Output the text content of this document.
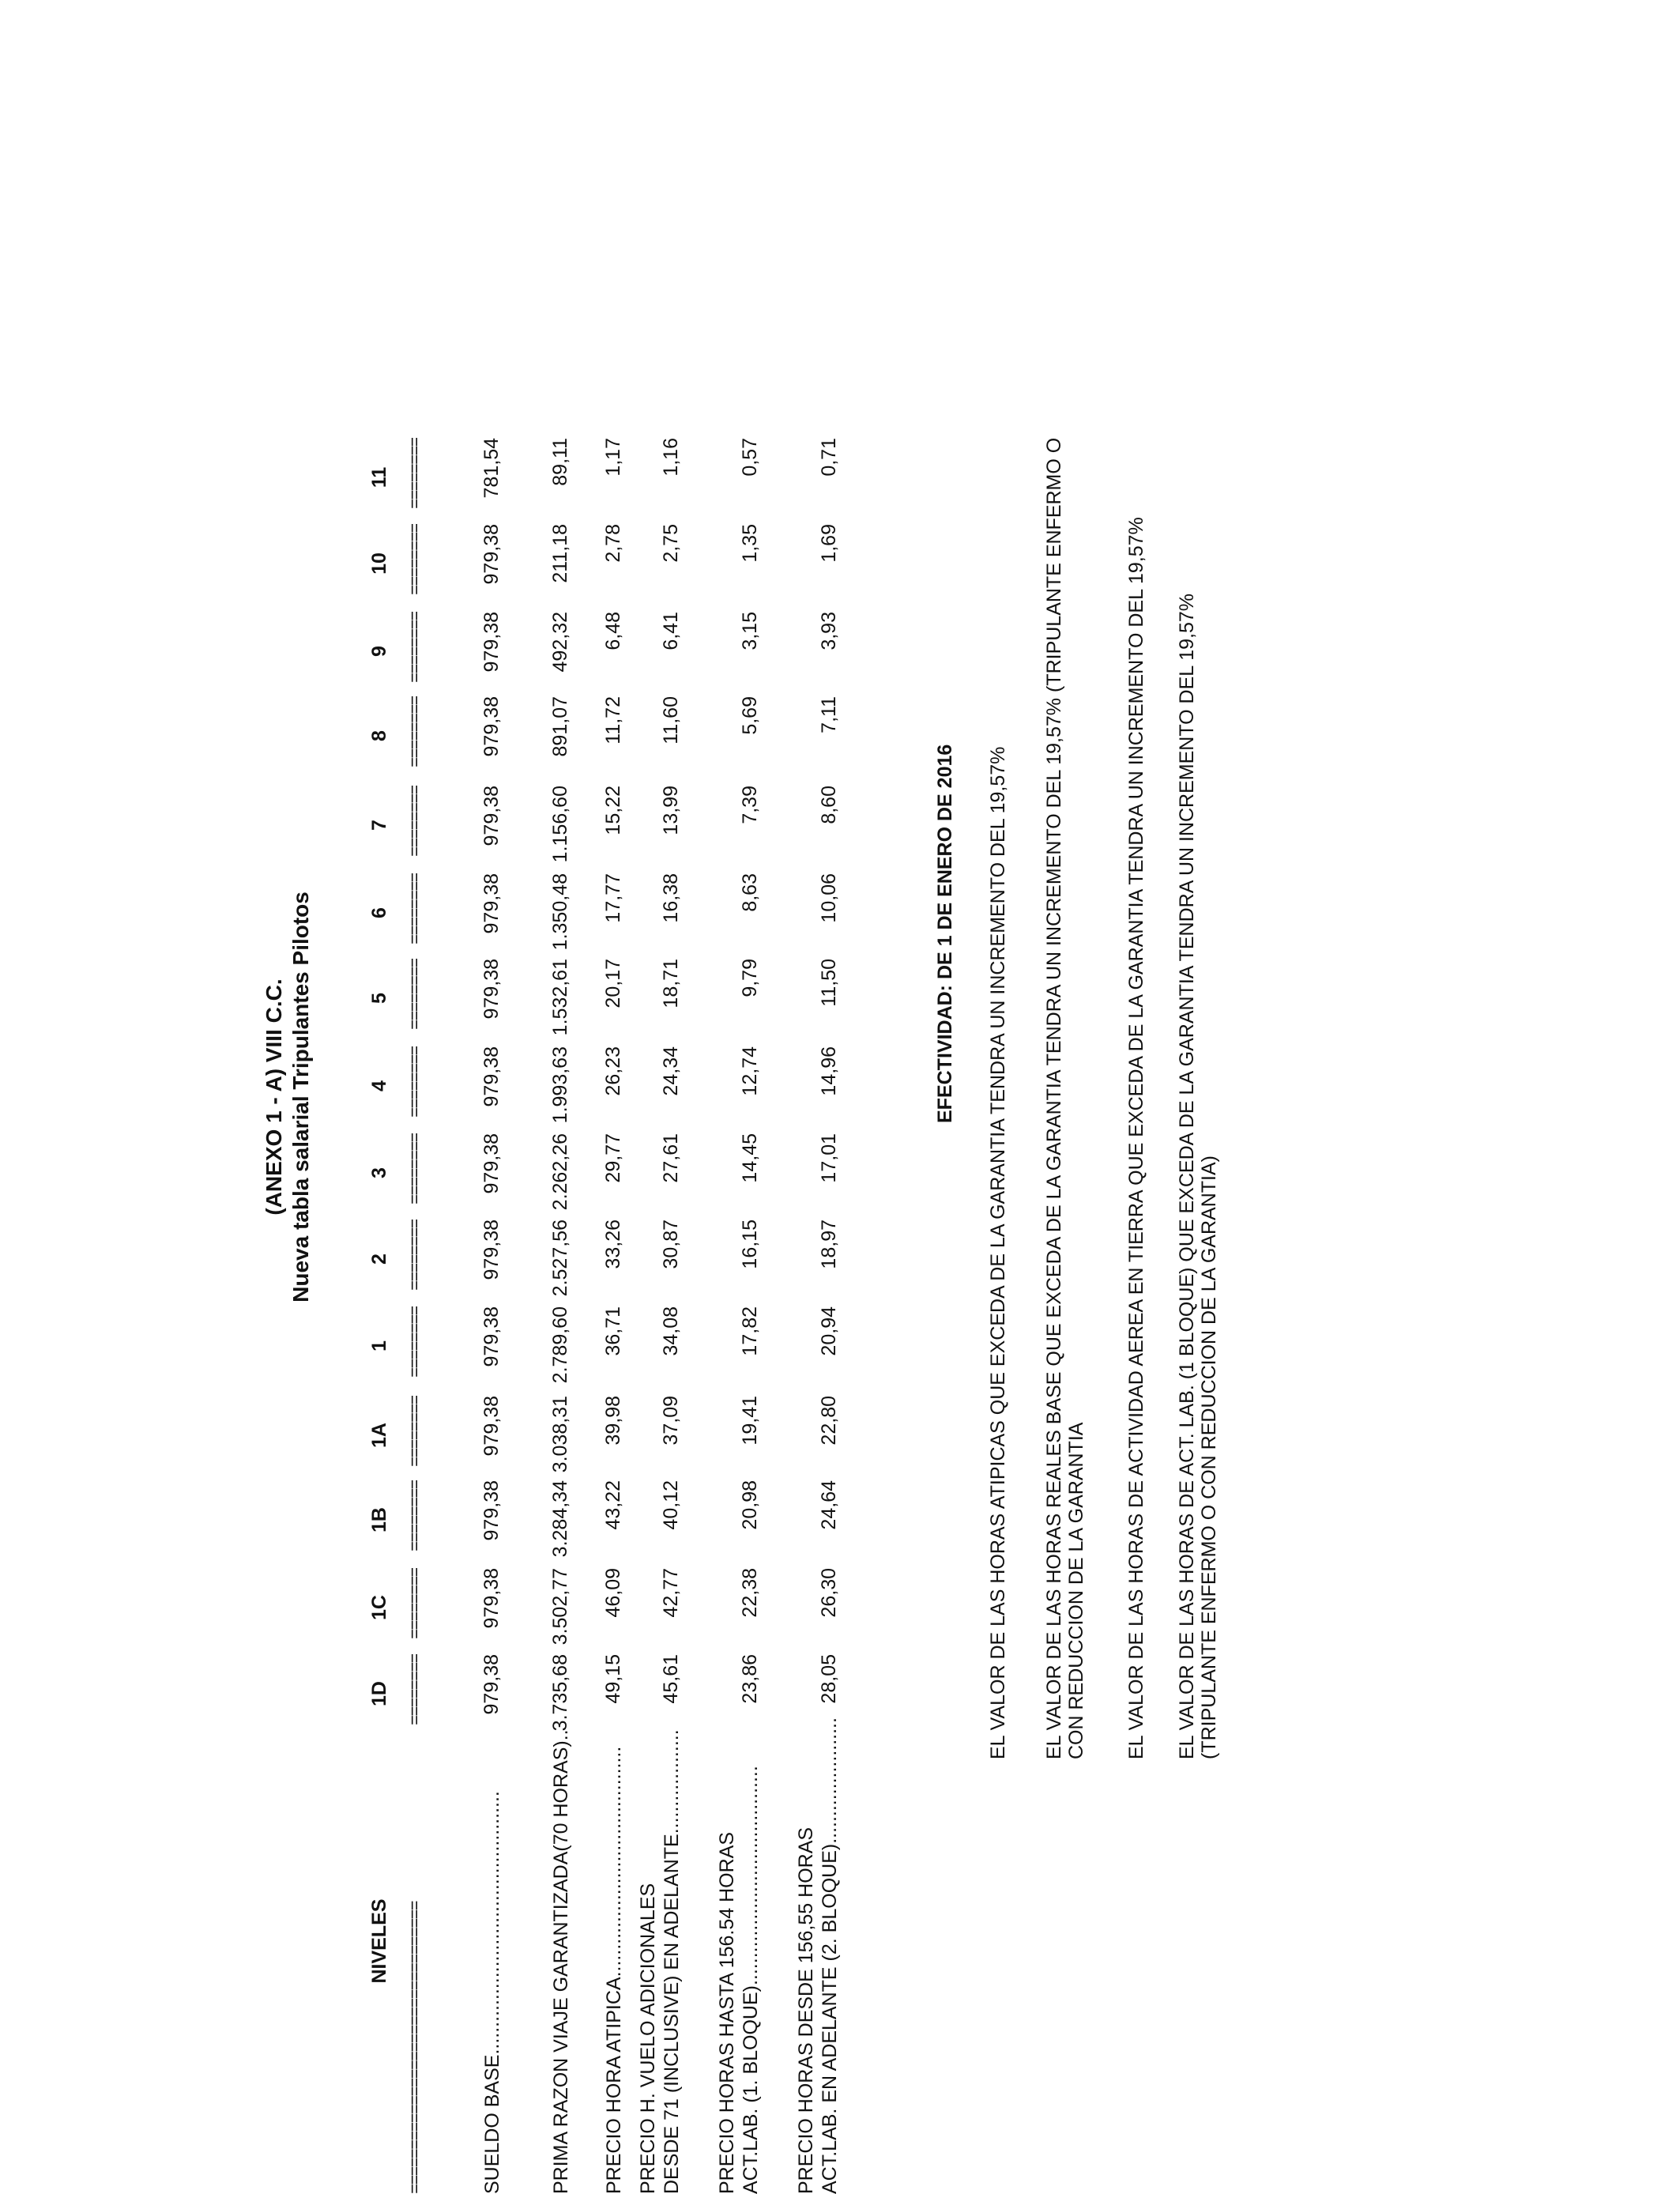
(ANEXO 1 - A) VIII C.C. Nueva tabla salarial Tripulantes Pilotos
NIVELES =================================
1D ========
1C ========
1B ========
1A ========
1 ========
2 ========
3 ========
4 ========
5 ========
6 ========
7 ========
8 ========
9 ========
10 ========
11 ========
SUELDO BASE................................................
979,38
979,38
979,38
979,38
979,38
979,38
979,38
979,38
979,38
979,38
979,38
979,38
979,38
979,38
781,54
PRIMA RAZON VIAJE GARANTIZADA(70 HORAS)..
3.735,68
3.502,77
3.284,34
3.038,31
2.789,60
2.527,56
2.262,26
1.993,63
1.532,61
1.350,48
1.156,60
891,07
492,32
211,18
89,11
PRECIO HORA ATIPICA..........................................
49,15
46,09
43,22
39,98
36,71
33,26
29,77
26,23
20,17
17,77
15,22
11,72
6,48
2,78
1,17
PRECIO H. VUELO ADICIONALES DESDE 71 (INCLUSIVE) EN ADELANTE...................
45,61
42,77
40,12
37,09
34,08
30,87
27,61
24,34
18,71
16,38
13,99
11,60
6,41
2,75
1,16
PRECIO HORAS HASTA 156.54 HORAS ACT.LAB. (1. BLOQUE)........................................
23,86
22,38
20,98
19,41
17,82
16,15
14,45
12,74
9,79
8,63
7,39
5,69
3,15
1,35
0,57
PRECIO HORAS DESDE 156,55 HORAS ACT.LAB. EN ADELANTE (2. BLOQUE).......................
28,05
26,30
24,64
22,80
20,94
18,97
17,01
14,96
11,50
10,06
8,60
7,11
3,93
1,69
0,71
EFECTIVIDAD: DE 1 DE ENERO DE 2016 EL VALOR DE LAS HORAS ATIPICAS QUE EXCEDA DE LA GARANTIA TENDRA UN INCREMENTO DEL 19,57% EL VALOR DE LAS HORAS REALES BASE QUE EXCEDA DE LA GARANTIA TENDRA UN INCREMENTO DEL 19,57% (TRIPULANTE ENFERMO O CON REDUCCION DE LA GARANTIA EL VALOR DE LAS HORAS DE ACTIVIDAD AEREA EN TIERRA QUE EXCEDA DE LA GARANTIA TENDRA UN INCREMENTO DEL 19,57% EL VALOR DE LAS HORAS DE ACT. LAB. (1 BLOQUE) QUE EXCEDA DE LA GARANTIA TENDRA UN INCREMENTO DEL 19,57% (TRIPULANTE ENFERMO O CON REDUCCION DE LA GARANTIA)
